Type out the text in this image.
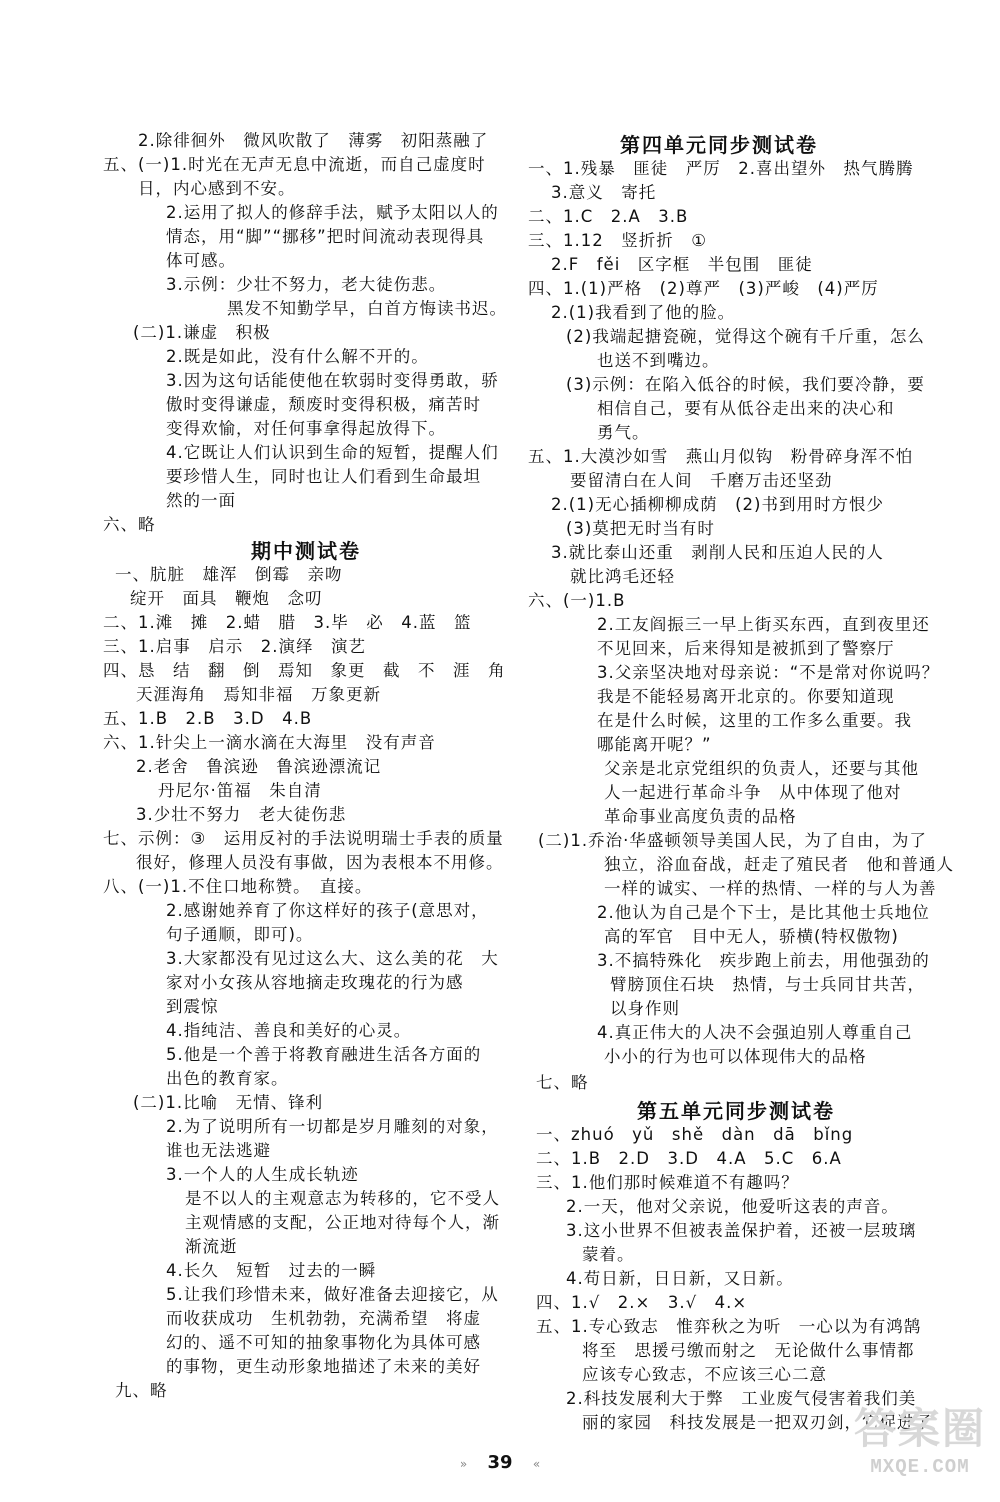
2.除徘徊外　微风吹散了　薄雾　初阳蒸融了
五、(一)1.时光在无声无息中流逝，而自己虚度时
日，内心感到不安。
2.运用了拟人的修辞手法，赋予太阳以人的
情态，用“脚”“挪移”把时间流动表现得具
体可感。
3.示例：少壮不努力，老大徒伤悲。
黑发不知勤学早，白首方悔读书迟。
(二)1.谦虚　积极
2.既是如此，没有什么解不开的。
3.因为这句话能使他在软弱时变得勇敢，骄
傲时变得谦虚，颓废时变得积极，痛苦时
变得欢愉，对任何事拿得起放得下。
4.它既让人们认识到生命的短暂，提醒人们
要珍惜人生，同时也让人们看到生命最坦
然的一面
六、略
期中测试卷
一、肮脏　雄浑　倒霉　亲吻
绽开　面具　鞭炮　念叨
二、1.滩　摊　2.蜡　腊　3.毕　必　4.蓝　篮
三、1.启事　启示　2.演绎　演艺
四、恳　结　翻　倒　焉知　象更　截　不　涯　角
天涯海角　焉知非福　万象更新
五、1.B　2.B　3.D　4.B
六、1.针尖上一滴水滴在大海里　没有声音
2.老舍　鲁滨逊　鲁滨逊漂流记
丹尼尔·笛福　朱自清
3.少壮不努力　老大徒伤悲
七、示例：③　运用反衬的手法说明瑞士手表的质量
很好，修理人员没有事做，因为表根本不用修。
八、(一)1.不住口地称赞。　直接。
2.感谢她养育了你这样好的孩子(意思对，
句子通顺，即可)。
3.大家都没有见过这么大、这么美的花　大
家对小女孩从容地摘走玫瑰花的行为感
到震惊
4.指纯洁、善良和美好的心灵。
5.他是一个善于将教育融进生活各方面的
出色的教育家。
(二)1.比喻　无情、锋利
2.为了说明所有一切都是岁月雕刻的对象，
谁也无法逃避
3.一个人的人生成长轨迹
是不以人的主观意志为转移的，它不受人
主观情感的支配，公正地对待每个人，渐
渐流逝
4.长久　短暂　过去的一瞬
5.让我们珍惜未来，做好准备去迎接它，从
而收获成功　生机勃勃，充满希望　将虚
幻的、遥不可知的抽象事物化为具体可感
的事物，更生动形象地描述了未来的美好
九、略
第四单元同步测试卷
一、1.残暴　匪徒　严厉　2.喜出望外　热气腾腾
3.意义　寄托
二、1.C　2.A　3.B
三、1.12　竖折折　①
2.F　fěi　区字框　半包围　匪徒
四、1.(1)严格　(2)尊严　(3)严峻　(4)严厉
2.(1)我看到了他的脸。
(2)我端起搪瓷碗，觉得这个碗有千斤重，怎么
也送不到嘴边。
(3)示例：在陷入低谷的时候，我们要冷静，要
相信自己，要有从低谷走出来的决心和
勇气。
五、1.大漠沙如雪　燕山月似钩　粉骨碎身浑不怕
要留清白在人间　千磨万击还坚劲
2.(1)无心插柳柳成荫　(2)书到用时方恨少
(3)莫把无时当有时
3.就比泰山还重　剥削人民和压迫人民的人
就比鸿毛还轻
六、(一)1.B
2.工友阎振三一早上街买东西，直到夜里还
不见回来，后来得知是被抓到了警察厅
3.父亲坚决地对母亲说：“不是常对你说吗？
我是不能轻易离开北京的。你要知道现
在是什么时候，这里的工作多么重要。我
哪能离开呢？”
父亲是北京党组织的负责人，还要与其他
人一起进行革命斗争　从中体现了他对
革命事业高度负责的品格
(二)1.乔治·华盛顿领导美国人民，为了自由，为了
独立，浴血奋战，赶走了殖民者　他和普通人
一样的诚实、一样的热情、一样的与人为善
2.他认为自己是个下士，是比其他士兵地位
高的军官　目中无人，骄横(特权傲物)
3.不搞特殊化　疾步跑上前去，用他强劲的
臂膀顶住石块　热情，与士兵同甘共苦，
以身作则
4.真正伟大的人决不会强迫别人尊重自己
小小的行为也可以体现伟大的品格
七、略
第五单元同步测试卷
一、zhuó　yǔ　shě　dàn　dā　bǐng
二、1.B　2.D　3.D　4.A　5.C　6.A
三、1.他们那时候难道不有趣吗？
2.一天，他对父亲说，他爱听这表的声音。
3.这小世界不但被表盖保护着，还被一层玻璃
蒙着。
4.苟日新，日日新，又日新。
四、1.√　2.×　3.√　4.×
五、1.专心致志　惟弈秋之为听　一心以为有鸿鹄
将至　思援弓缴而射之　无论做什么事情都
应该专心致志，不应该三心二意
2.科技发展利大于弊　工业废气侵害着我们美
丽的家园　科技发展是一把双刃剑，它促进了
» 39 «
答案圈
MXQE.COM
